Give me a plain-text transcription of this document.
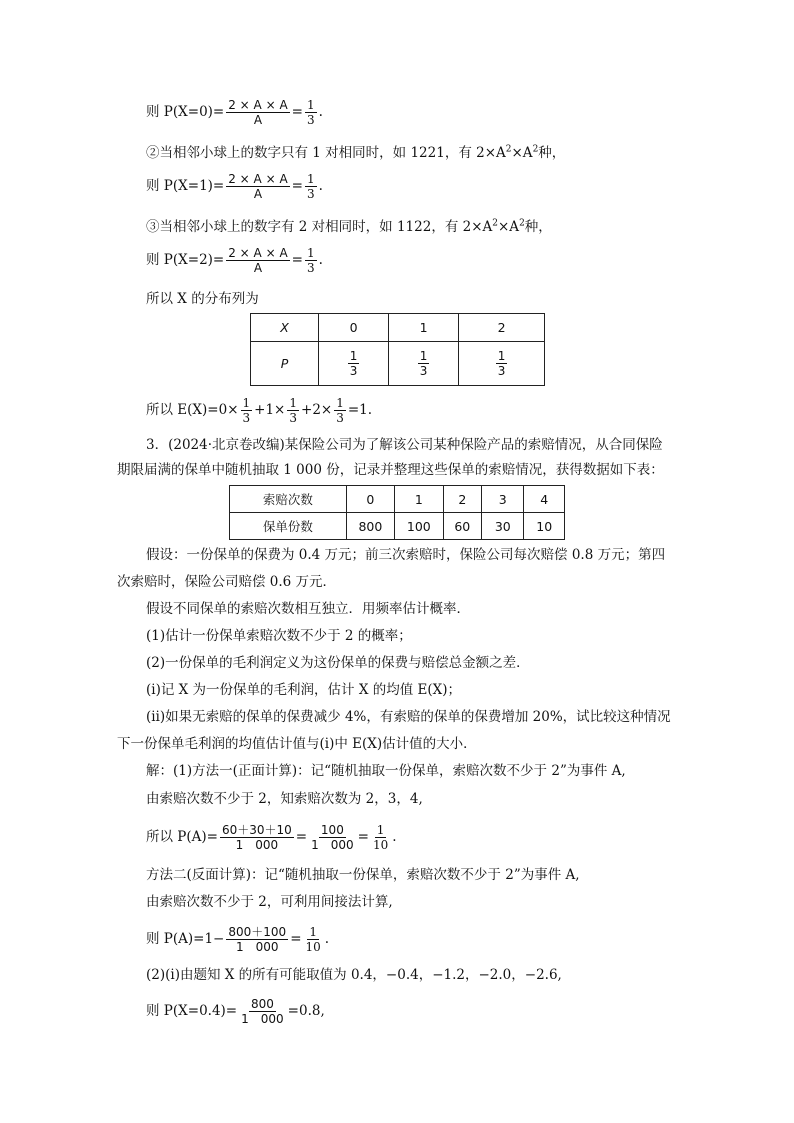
则 $P(X=0)= \frac{2 \times A \times A}{A} = \frac{1}{3}$ .
②当相邻小球上的数字只有 1 对相同时，如 1221，有 $2\times A^2\times A^2$种，
则 $P(X=1)= \frac{2 \times A \times A}{A} = \frac{1}{3}$ .
③当相邻小球上的数字有 2 对相同时，如 1122，有 $2\times A^2\times A^2$种，
则 $P(X=2)= \frac{2 \times A \times A}{A} = \frac{1}{3}$ .
所以 X 的分布列为
X	0	1	2
P	$\frac{1}{3}$	$\frac{1}{3}$	$\frac{1}{3}$
所以 $E(X)=0\times \frac{1}{3} +1\times \frac{1}{3} +2\times \frac{1}{3} =1$.
3．(2024·北京卷改编)某保险公司为了解该公司某种保险产品的索赔情况，从合同保险
期限届满的保单中随机抽取 1 000 份，记录并整理这些保单的索赔情况，获得数据如下表：
索赔次数	0	1	2	3	4
保单份数	800	100	60	30	10
假设：一份保单的保费为 0.4 万元；前三次索赔时，保险公司每次赔偿 0.8 万元；第四
次索赔时，保险公司赔偿 0.6 万元．
假设不同保单的索赔次数相互独立．用频率估计概率．
(1)估计一份保单索赔次数不少于 2 的概率；
(2)一份保单的毛利润定义为这份保单的保费与赔偿总金额之差．
(ⅰ)记 X 为一份保单的毛利润，估计 X 的均值 E(X)；
(ⅱ)如果无索赔的保单的保费减少 4%，有索赔的保单的保费增加 20%，试比较这种情况
下一份保单毛利润的均值估计值与(ⅰ)中 E(X)估计值的大小．
解：(1)方法一(正面计算)：记“随机抽取一份保单，索赔次数不少于 2”为事件 A,
由索赔次数不少于 2，知索赔次数为 2，3，4,
所以 $P(A)= \frac{60+30+10}{1 000} = \frac{100}{1 000} = \frac{1}{10}$ .
方法二(反面计算)：记“随机抽取一份保单，索赔次数不少于 2”为事件 A,
由索赔次数不少于 2，可利用间接法计算,
则 $P(A)=1- \frac{800+100}{1 000} = \frac{1}{10}$ .
(2)(ⅰ)由题知 X 的所有可能取值为 0.4，−0.4，−1.2，−2.0，−2.6,
则 $P(X=0.4)= \frac{800}{1 000} =0.8$,
